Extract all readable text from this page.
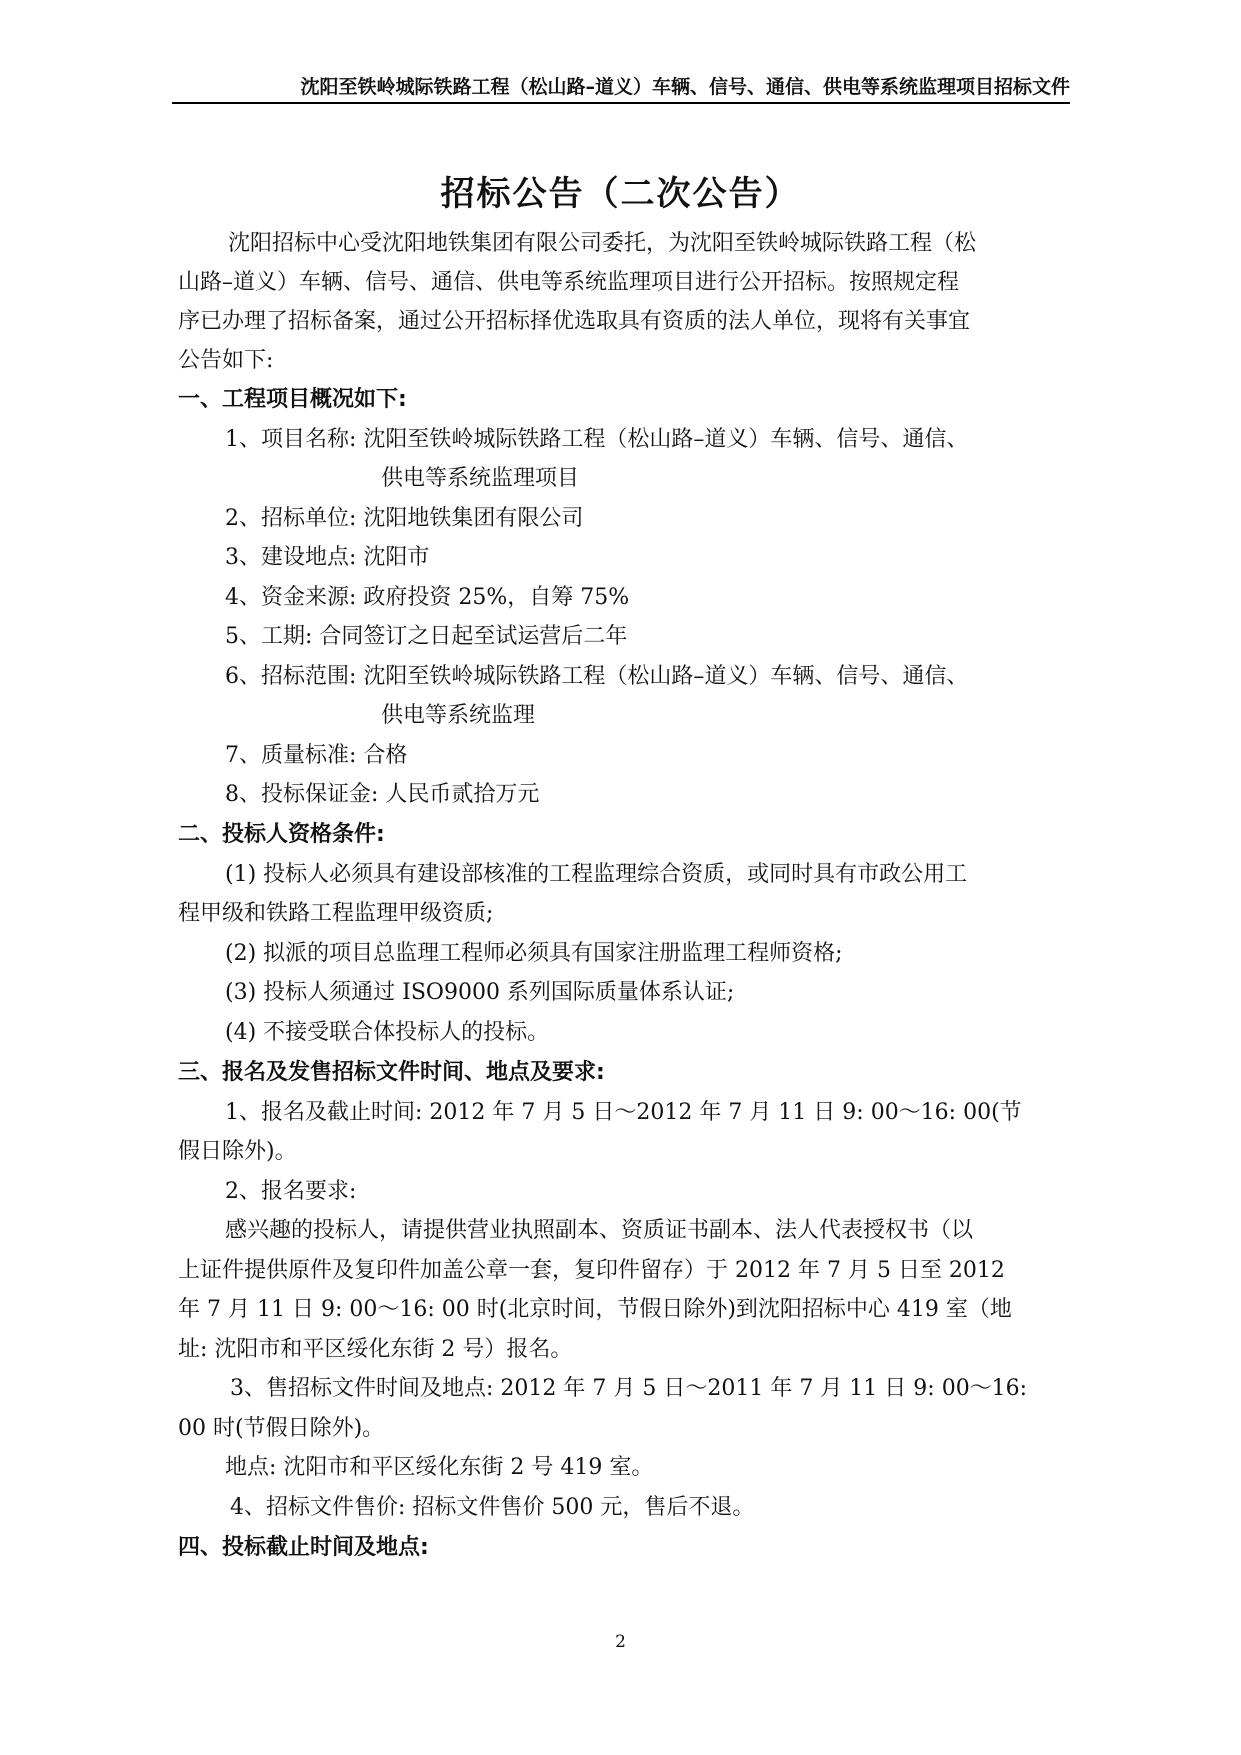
沈阳至铁岭城际铁路工程（松山路–道义）车辆、信号、通信、供电等系统监理项目招标文件
招标公告（二次公告）
沈阳招标中心受沈阳地铁集团有限公司委托，为沈阳至铁岭城际铁路工程（松
山路–道义）车辆、信号、通信、供电等系统监理项目进行公开招标。按照规定程
序已办理了招标备案，通过公开招标择优选取具有资质的法人单位，现将有关事宜
公告如下:
一、工程项目概况如下:
1、项目名称: 沈阳至铁岭城际铁路工程（松山路–道义）车辆、信号、通信、
供电等系统监理项目
2、招标单位: 沈阳地铁集团有限公司
3、建设地点: 沈阳市
4、资金来源: 政府投资 25%，自筹 75%
5、工期: 合同签订之日起至试运营后二年
6、招标范围: 沈阳至铁岭城际铁路工程（松山路–道义）车辆、信号、通信、
供电等系统监理
7、质量标准: 合格
8、投标保证金: 人民币贰拾万元
二、投标人资格条件:
(1) 投标人必须具有建设部核准的工程监理综合资质，或同时具有市政公用工
程甲级和铁路工程监理甲级资质;
(2) 拟派的项目总监理工程师必须具有国家注册监理工程师资格;
(3) 投标人须通过 ISO9000 系列国际质量体系认证;
(4) 不接受联合体投标人的投标。
三、报名及发售招标文件时间、地点及要求:
1、报名及截止时间: 2012 年 7 月 5 日～2012 年 7 月 11 日 9: 00～16: 00(节
假日除外)。
2、报名要求:
感兴趣的投标人，请提供营业执照副本、资质证书副本、法人代表授权书（以
上证件提供原件及复印件加盖公章一套，复印件留存）于 2012 年 7 月 5 日至 2012
年 7 月 11 日 9: 00～16: 00 时(北京时间，节假日除外)到沈阳招标中心 419 室（地
址: 沈阳市和平区绥化东街 2 号）报名。
3、售招标文件时间及地点: 2012 年 7 月 5 日～2011 年 7 月 11 日 9: 00～16:
00 时(节假日除外)。
地点: 沈阳市和平区绥化东街 2 号 419 室。
4、招标文件售价: 招标文件售价 500 元，售后不退。
四、投标截止时间及地点:
2
